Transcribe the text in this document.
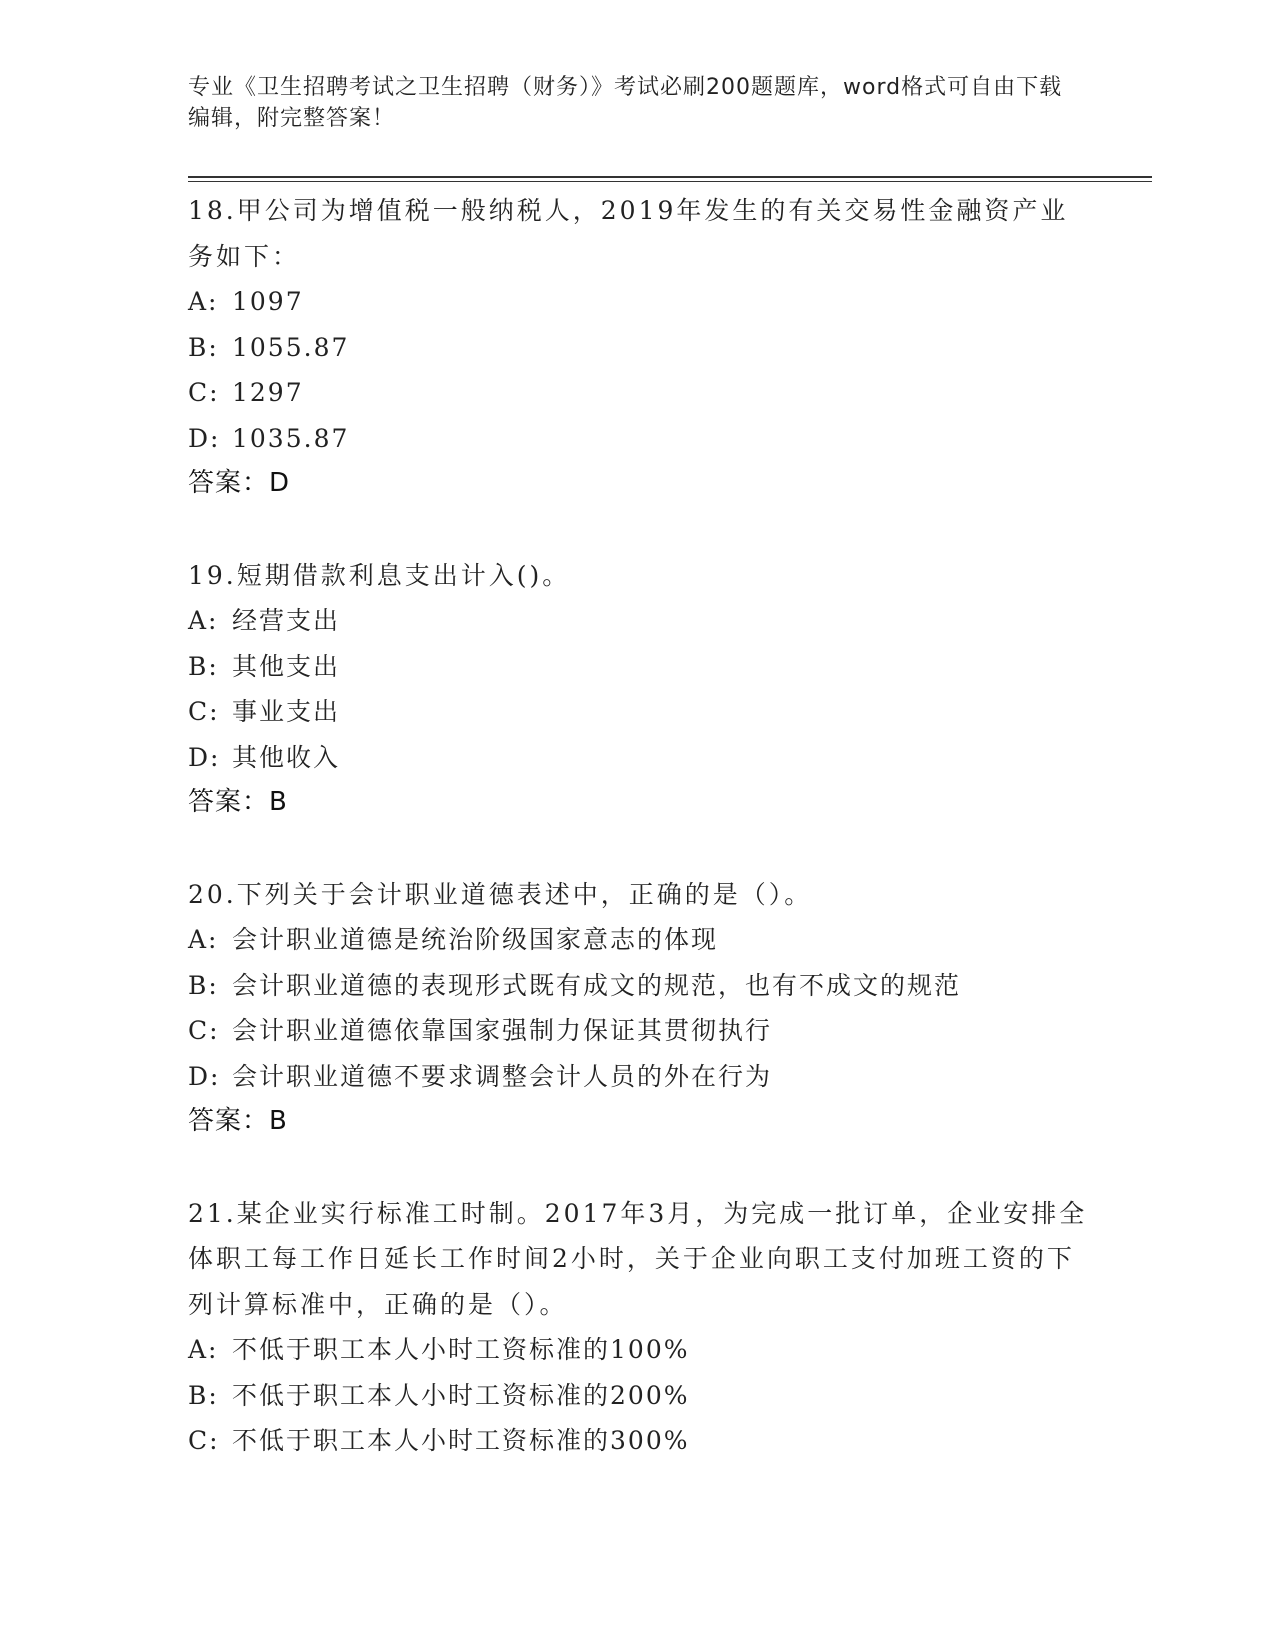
专业《卫生招聘考试之卫生招聘（财务）》考试必刷200题题库，word格式可自由下载编辑，附完整答案！

18.甲公司为增值税一般纳税人，2019年发生的有关交易性金融资产业务如下：

A: 1097
B: 1055.87
C: 1297
D: 1035.87

答案：D

19.短期借款利息支出计入()。

A: 经营支出
B: 其他支出
C: 事业支出
D: 其他收入

答案：B

20.下列关于会计职业道德表述中，正确的是（）。

A: 会计职业道德是统治阶级国家意志的体现
B: 会计职业道德的表现形式既有成文的规范，也有不成文的规范
C: 会计职业道德依靠国家强制力保证其贯彻执行
D: 会计职业道德不要求调整会计人员的外在行为

答案：B

21.某企业实行标准工时制。2017年3月，为完成一批订单，企业安排全体职工每工作日延长工作时间2小时，关于企业向职工支付加班工资的下列计算标准中，正确的是（）。

A: 不低于职工本人小时工资标准的100%
B: 不低于职工本人小时工资标准的200%
C: 不低于职工本人小时工资标准的300%
